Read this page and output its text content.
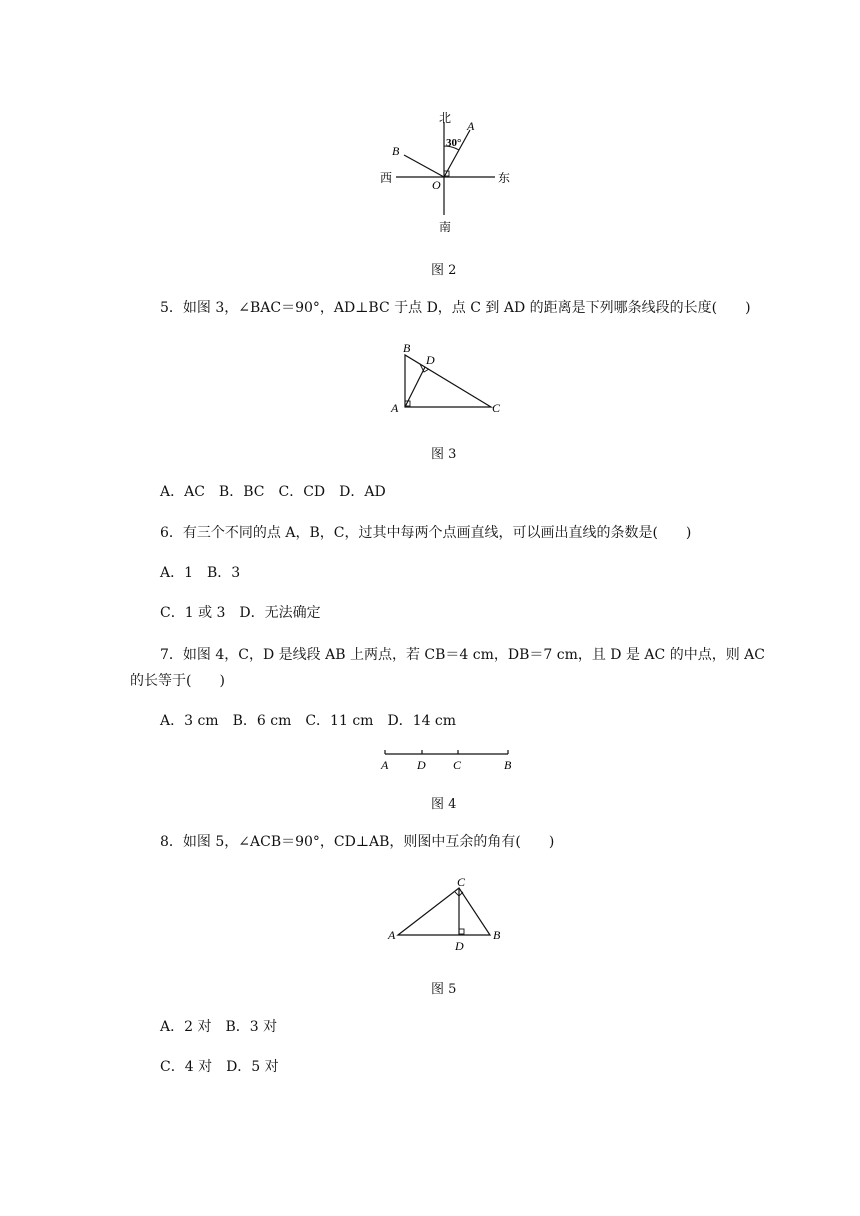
北
南
西	东
A
B
O
30°
图 2
5．如图 3，∠BAC＝90°，AD⊥BC 于点 D，点 C 到 AD 的距离是下列哪条线段的长度(　　)
B
D
A	C
图 3
A．AC　B．BC　C．CD　D．AD
6．有三个不同的点 A，B，C，过其中每两个点画直线，可以画出直线的条数是(　　)
A．1　B．3
C．1 或 3　D．无法确定
7．如图 4，C，D 是线段 AB 上两点，若 CB＝4 cm，DB＝7 cm，且 D 是 AC 的中点，则 AC
的长等于(　　)
A．3 cm　B．6 cm　C．11 cm　D．14 cm
A D C	B
图 4
8．如图 5，∠ACB＝90°，CD⊥AB，则图中互余的角有(　　)
C
A	B
D
图 5
A．2 对　B．3 对
C．4 对　D．5 对
